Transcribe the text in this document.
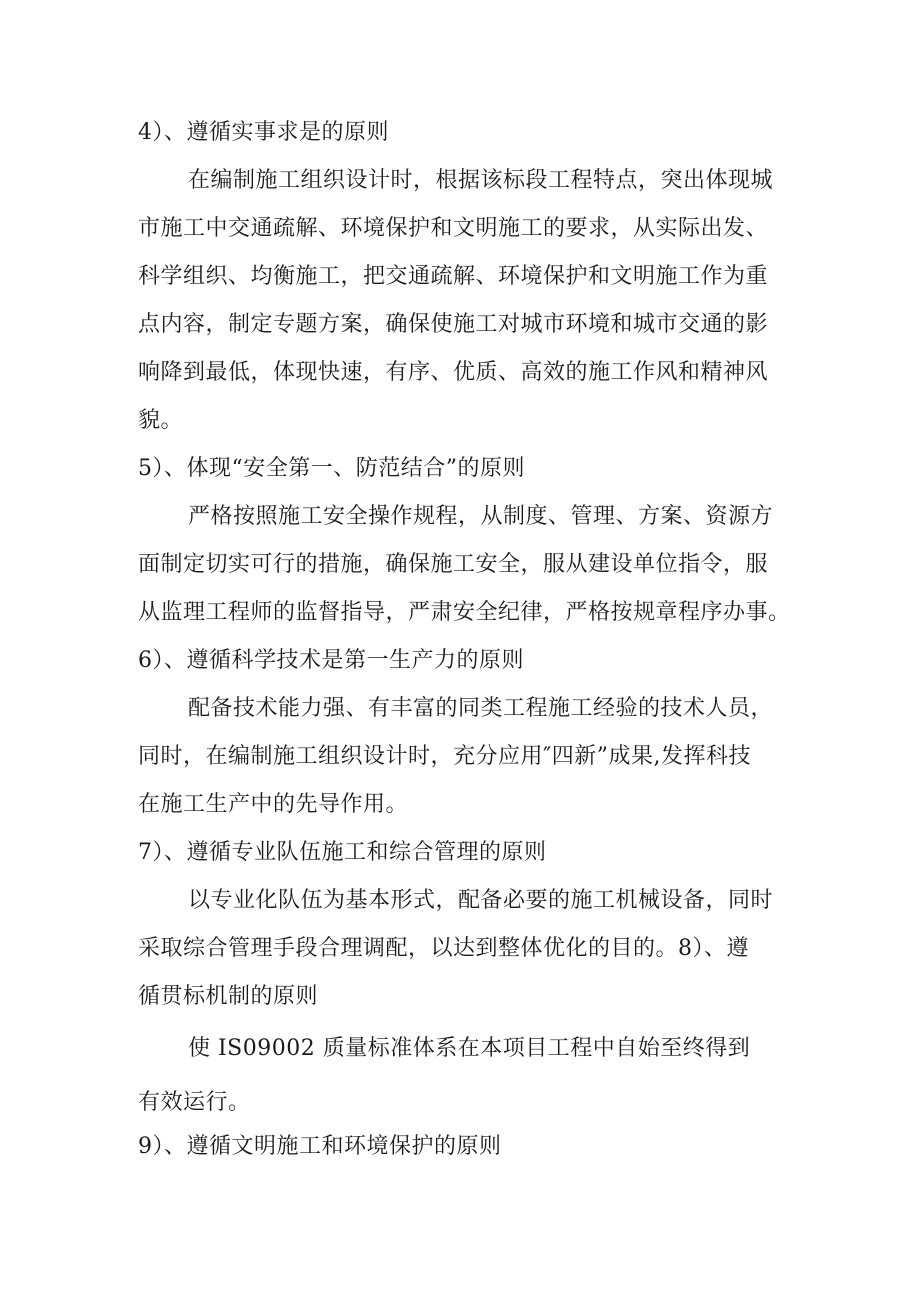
4）、遵循实事求是的原则
在编制施工组织设计时，根据该标段工程特点，突出体现城
市施工中交通疏解、环境保护和文明施工的要求，从实际出发、
科学组织、均衡施工，把交通疏解、环境保护和文明施工作为重
点内容，制定专题方案，确保使施工对城市环境和城市交通的影
响降到最低，体现快速，有序、优质、高效的施工作风和精神风
貌。
5）、体现“安全第一、防范结合”的原则
严格按照施工安全操作规程，从制度、管理、方案、资源方
面制定切实可行的措施，确保施工安全，服从建设单位指令，服
从监理工程师的监督指导，严肃安全纪律，严格按规章程序办事。
6）、遵循科学技术是第一生产力的原则
配备技术能力强、有丰富的同类工程施工经验的技术人员，
同时，在编制施工组织设计时，充分应用″四新”成果,发挥科技
在施工生产中的先导作用。
7）、遵循专业队伍施工和综合管理的原则
以专业化队伍为基本形式，配备必要的施工机械设备，同时
采取综合管理手段合理调配，以达到整体优化的目的。8）、遵
循贯标机制的原则
使 IS09002 质量标准体系在本项目工程中自始至终得到
有效运行。
9）、遵循文明施工和环境保护的原则
